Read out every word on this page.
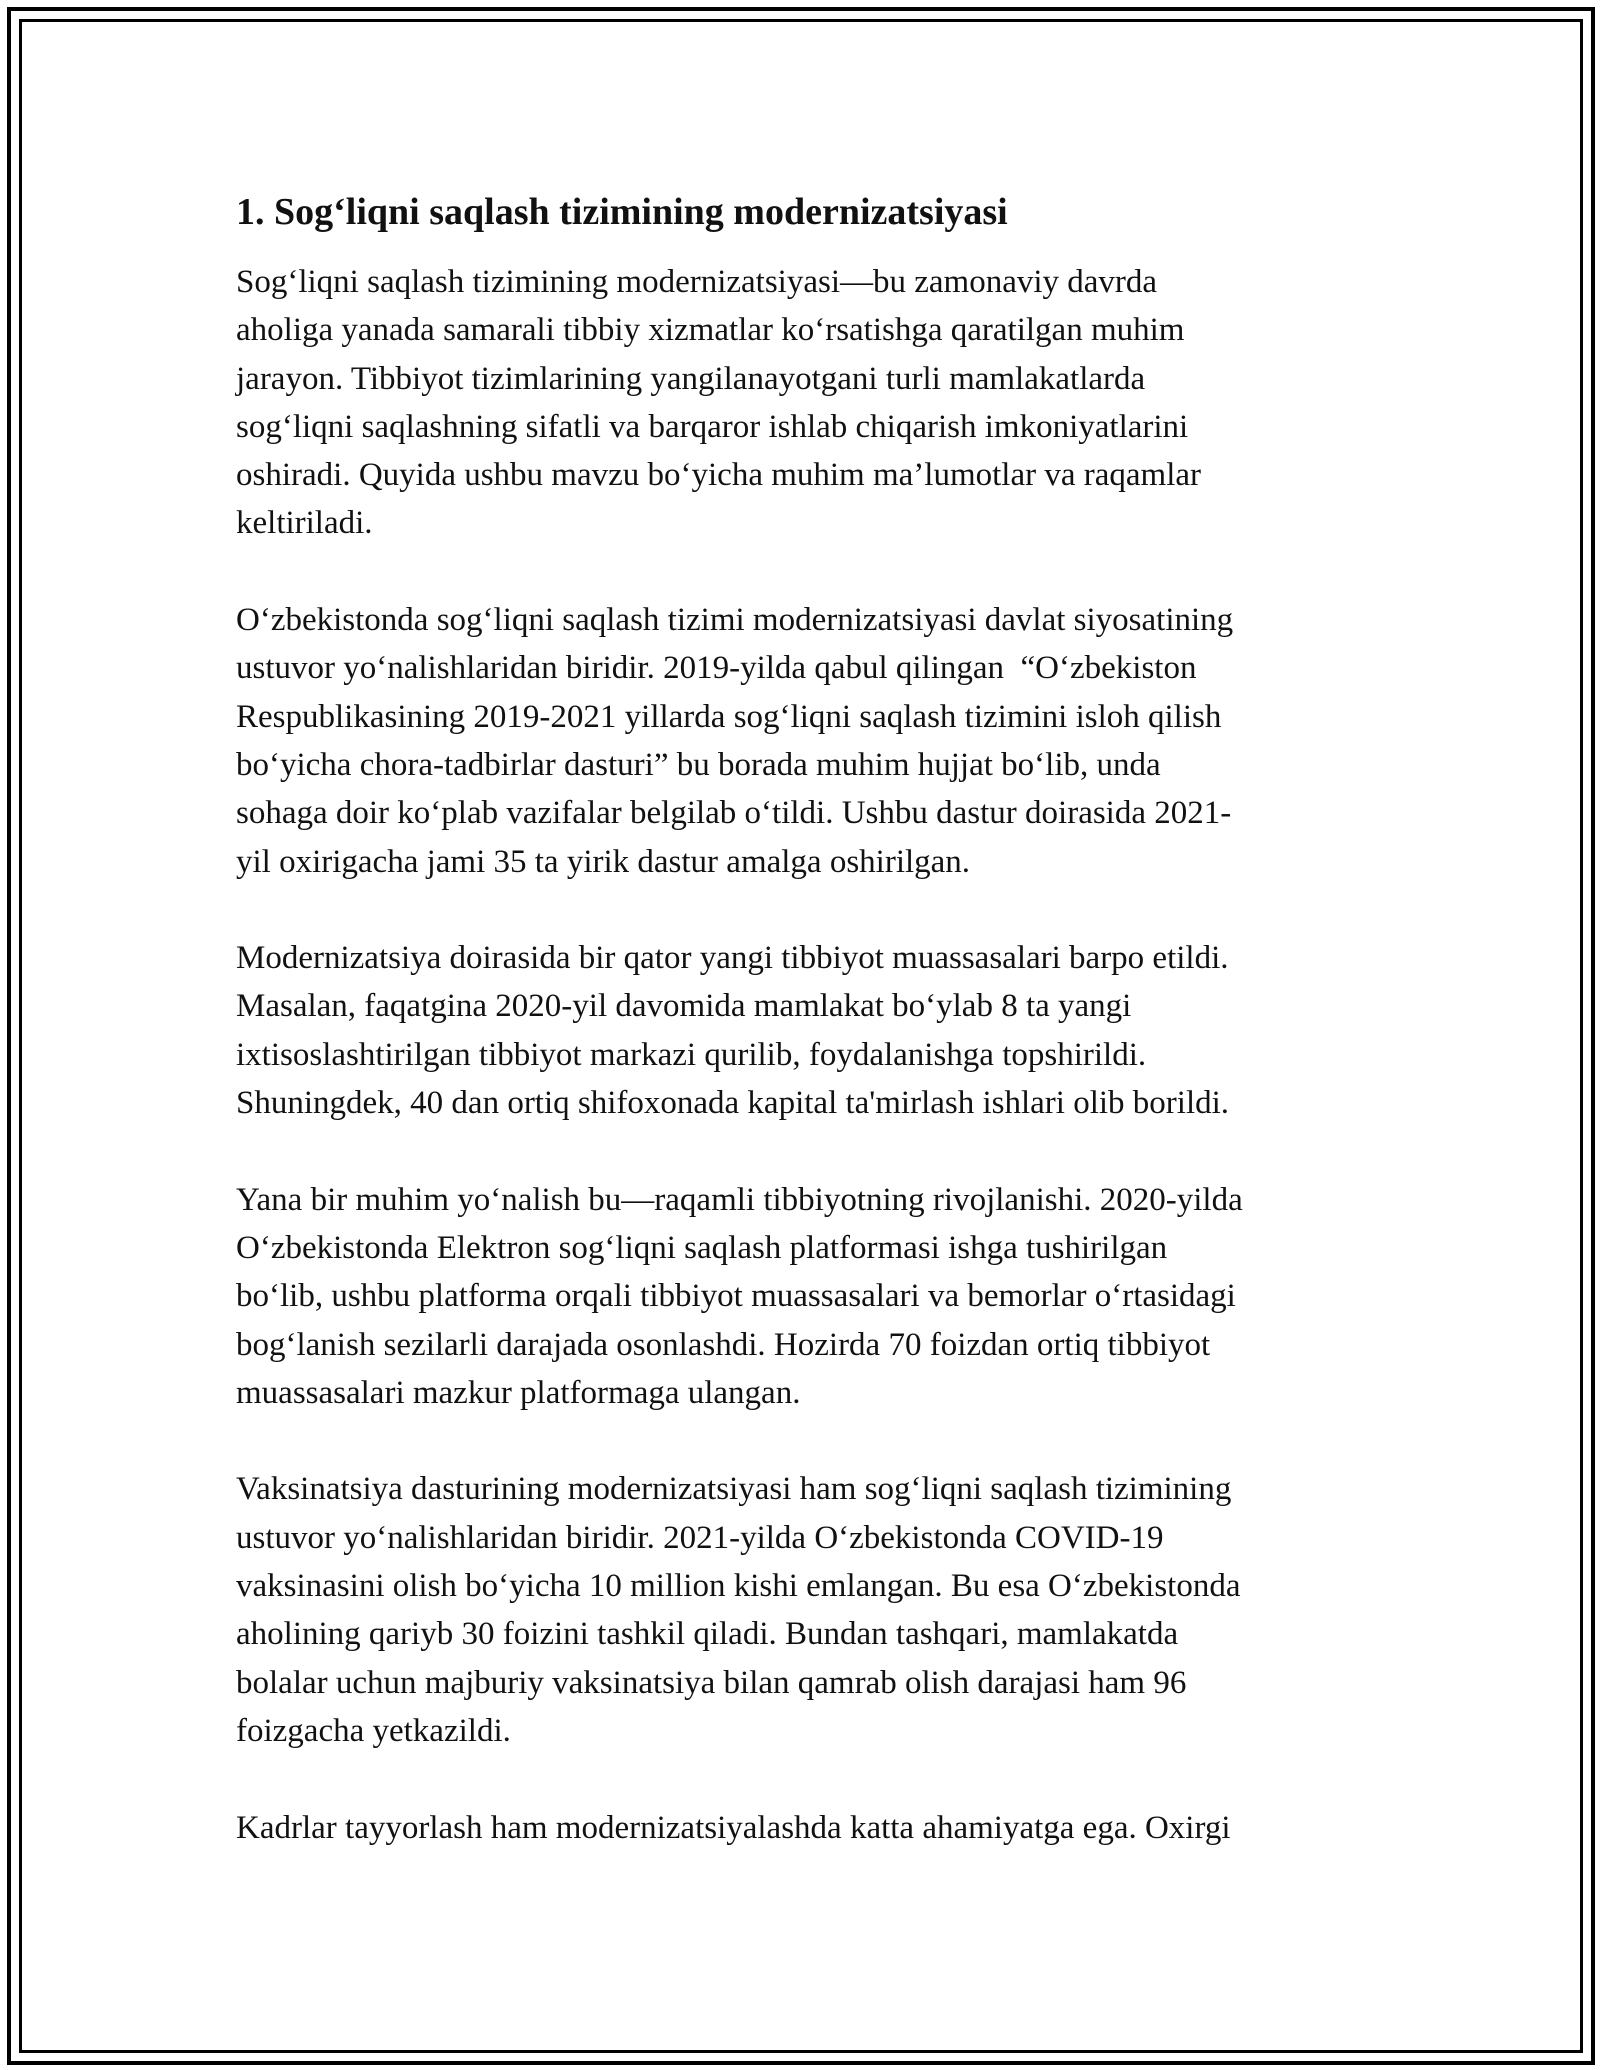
1. Sog‘liqni saqlash tizimining modernizatsiyasi

Sog‘liqni saqlash tizimining modernizatsiyasi—bu zamonaviy davrda
aholiga yanada samarali tibbiy xizmatlar ko‘rsatishga qaratilgan muhim
jarayon. Tibbiyot tizimlarining yangilanayotgani turli mamlakatlarda
sog‘liqni saqlashning sifatli va barqaror ishlab chiqarish imkoniyatlarini
oshiradi. Quyida ushbu mavzu bo‘yicha muhim ma’lumotlar va raqamlar
keltiriladi.

O‘zbekistonda sog‘liqni saqlash tizimi modernizatsiyasi davlat siyosatining
ustuvor yo‘nalishlaridan biridir. 2019-yilda qabul qilingan  “O‘zbekiston
Respublikasining 2019-2021 yillarda sog‘liqni saqlash tizimini isloh qilish
bo‘yicha chora-tadbirlar dasturi” bu borada muhim hujjat bo‘lib, unda
sohaga doir ko‘plab vazifalar belgilab o‘tildi. Ushbu dastur doirasida 2021-
yil oxirigacha jami 35 ta yirik dastur amalga oshirilgan.

Modernizatsiya doirasida bir qator yangi tibbiyot muassasalari barpo etildi.
Masalan, faqatgina 2020-yil davomida mamlakat bo‘ylab 8 ta yangi
ixtisoslashtirilgan tibbiyot markazi qurilib, foydalanishga topshirildi.
Shuningdek, 40 dan ortiq shifoxonada kapital ta'mirlash ishlari olib borildi.

Yana bir muhim yo‘nalish bu—raqamli tibbiyotning rivojlanishi. 2020-yilda
O‘zbekistonda Elektron sog‘liqni saqlash platformasi ishga tushirilgan
bo‘lib, ushbu platforma orqali tibbiyot muassasalari va bemorlar o‘rtasidagi
bog‘lanish sezilarli darajada osonlashdi. Hozirda 70 foizdan ortiq tibbiyot
muassasalari mazkur platformaga ulangan.

Vaksinatsiya dasturining modernizatsiyasi ham sog‘liqni saqlash tizimining
ustuvor yo‘nalishlaridan biridir. 2021-yilda O‘zbekistonda COVID-19
vaksinasini olish bo‘yicha 10 million kishi emlangan. Bu esa O‘zbekistonda
aholining qariyb 30 foizini tashkil qiladi. Bundan tashqari, mamlakatda
bolalar uchun majburiy vaksinatsiya bilan qamrab olish darajasi ham 96
foizgacha yetkazildi.

Kadrlar tayyorlash ham modernizatsiyalashda katta ahamiyatga ega. Oxirgi
